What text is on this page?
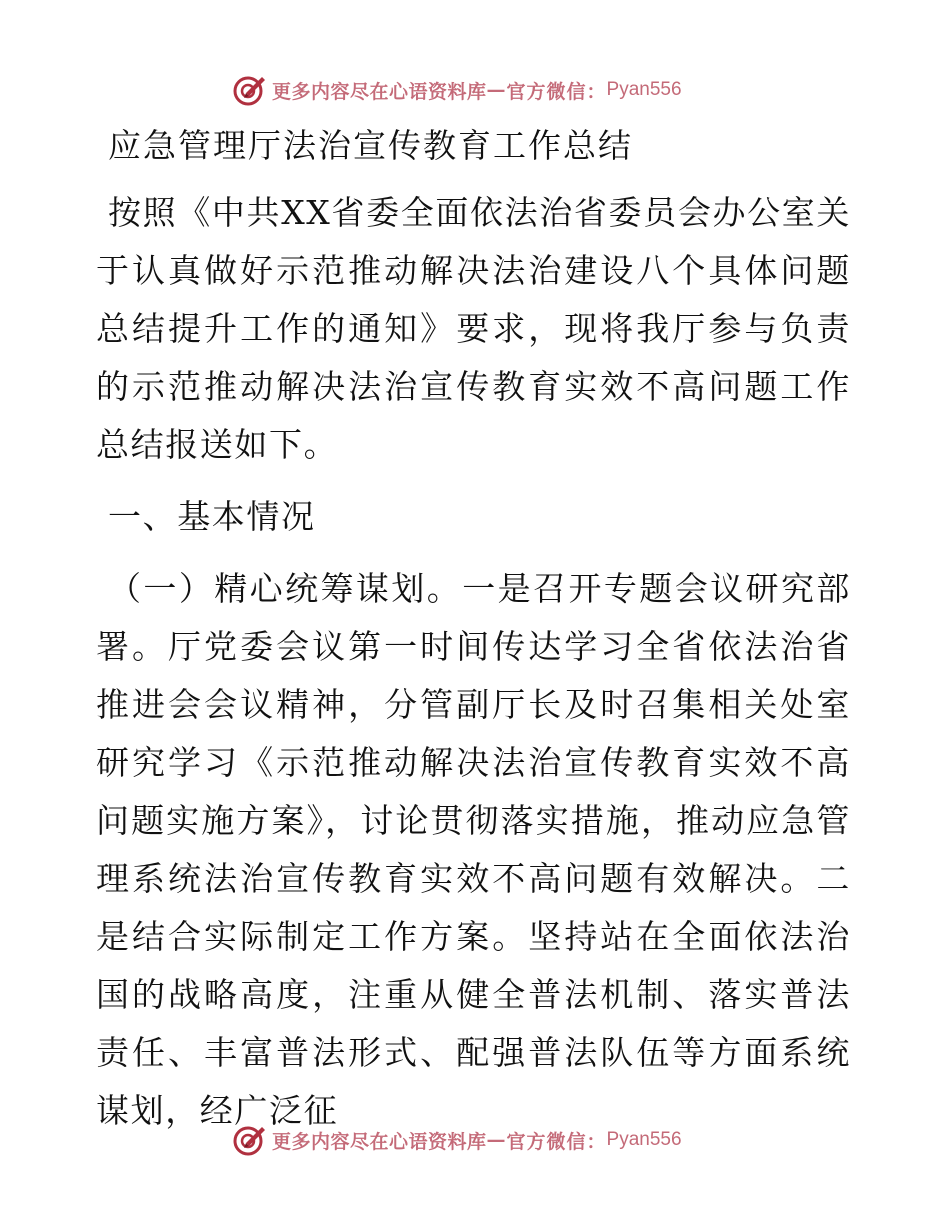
更多内容尽在心语资料库 — 官方微信： Pyan556
应急管理厅法治宣传教育工作总结

按照《中共XX省委全面依法治省委员会办公室关于认真做好示范推动解决法治建设八个具体问题总结提升工作的通知》要求，现将我厅参与负责的示范推动解决法治宣传教育实效不高问题工作总结报送如下。

一、基本情况

（一）精心统筹谋划。一是召开专题会议研究部署。厅党委会议第一时间传达学习全省依法治省推进会会议精神，分管副厅长及时召集相关处室研究学习《示范推动解决法治宣传教育实效不高问题实施方案》，讨论贯彻落实措施，推动应急管理系统法治宣传教育实效不高问题有效解决。二是结合实际制定工作方案。坚持站在全面依法治国的战略高度，注重从健全普法机制、落实普法责任、丰富普法形式、配强普法队伍等方面系统谋划，经广泛征

更多内容尽在心语资料库 — 官方微信： Pyan556
